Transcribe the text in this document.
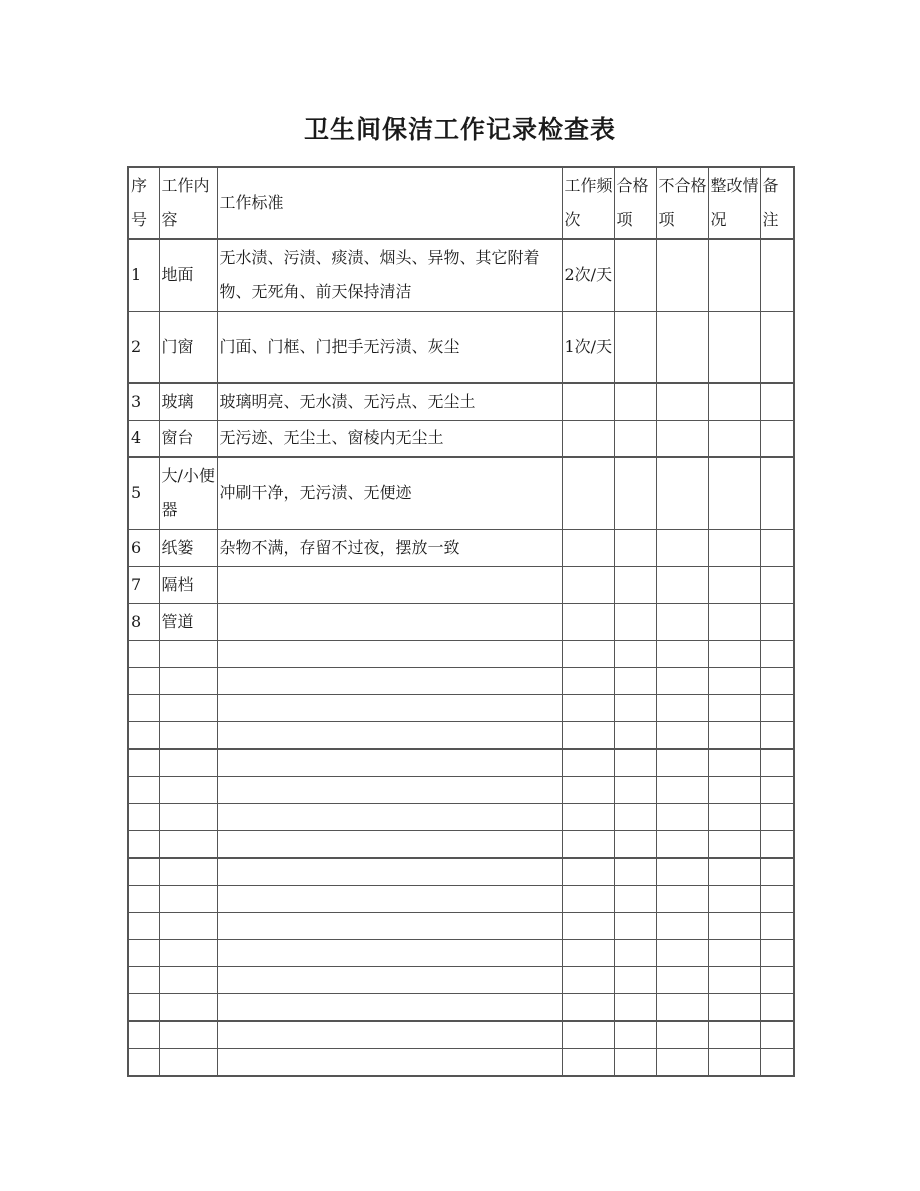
卫生间保洁工作记录检查表
序号	工作内容	工作标准	工作频次	合格项	不合格项	整改情况	备注
1	地面	无水渍、污渍、痰渍、烟头、异物、其它附着物、无死角、前天保持清洁	2次/天				
2	门窗	门面、门框、门把手无污渍、灰尘	1次/天				
3	玻璃	玻璃明亮、无水渍、无污点、无尘土					
4	窗台	无污迹、无尘土、窗棱内无尘土					
5	大/小便器	冲刷干净，无污渍、无便迹					
6	纸篓	杂物不满，存留不过夜，摆放一致					
7	隔档						
8	管道						
